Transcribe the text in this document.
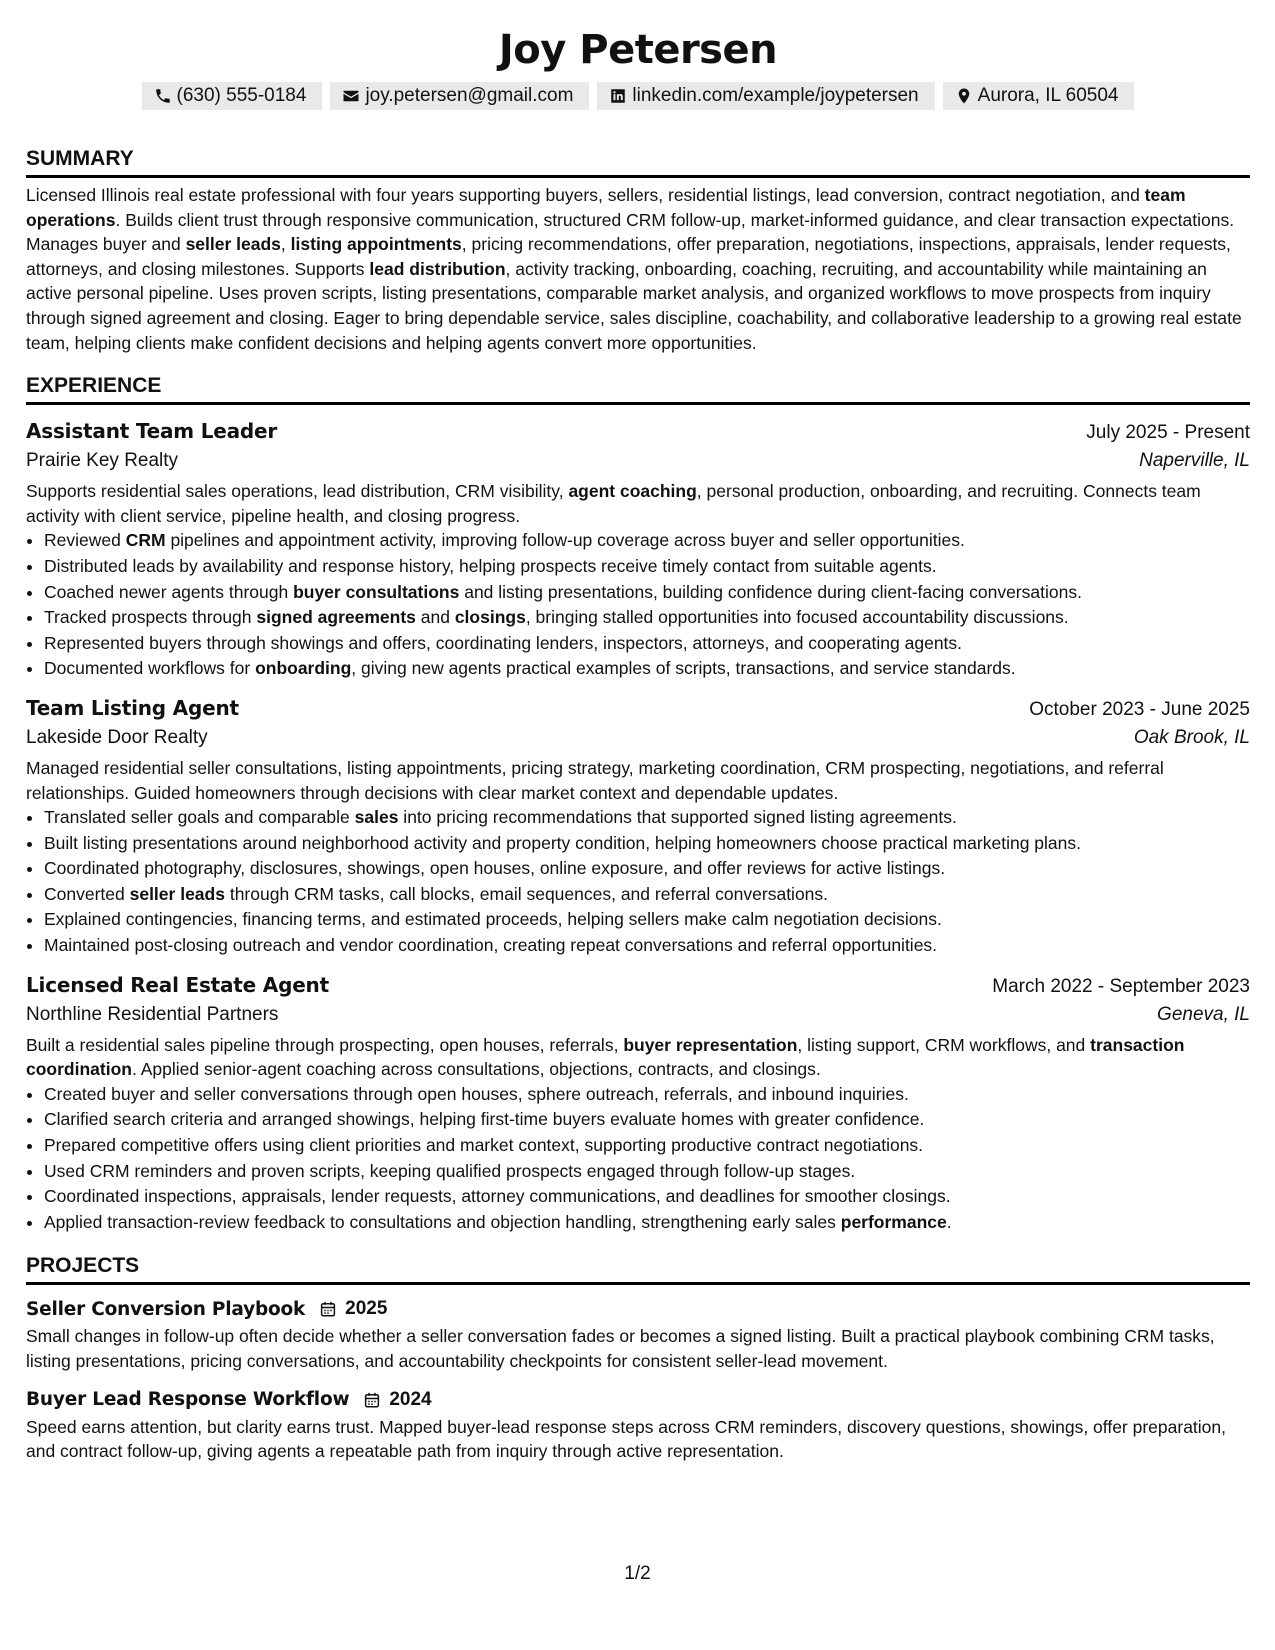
Joy Petersen
(630) 555-0184	joy.petersen@gmail.com	linkedin.com/example/joypetersen	Aurora, IL 60504
SUMMARY
Licensed Illinois real estate professional with four years supporting buyers, sellers, residential listings, lead conversion, contract negotiation, and team operations. Builds client trust through responsive communication, structured CRM follow-up, market-informed guidance, and clear transaction expectations. Manages buyer and seller leads, listing appointments, pricing recommendations, offer preparation, negotiations, inspections, appraisals, lender requests, attorneys, and closing milestones. Supports lead distribution, activity tracking, onboarding, coaching, recruiting, and accountability while maintaining an active personal pipeline. Uses proven scripts, listing presentations, comparable market analysis, and organized workflows to move prospects from inquiry through signed agreement and closing. Eager to bring dependable service, sales discipline, coachability, and collaborative leadership to a growing real estate team, helping clients make confident decisions and helping agents convert more opportunities.
EXPERIENCE
Assistant Team Leader	July 2025 - Present
Prairie Key Realty	Naperville, IL
Supports residential sales operations, lead distribution, CRM visibility, agent coaching, personal production, onboarding, and recruiting. Connects team activity with client service, pipeline health, and closing progress.
• Reviewed CRM pipelines and appointment activity, improving follow-up coverage across buyer and seller opportunities.
• Distributed leads by availability and response history, helping prospects receive timely contact from suitable agents.
• Coached newer agents through buyer consultations and listing presentations, building confidence during client-facing conversations.
• Tracked prospects through signed agreements and closings, bringing stalled opportunities into focused accountability discussions.
• Represented buyers through showings and offers, coordinating lenders, inspectors, attorneys, and cooperating agents.
• Documented workflows for onboarding, giving new agents practical examples of scripts, transactions, and service standards.
Team Listing Agent	October 2023 - June 2025
Lakeside Door Realty	Oak Brook, IL
Managed residential seller consultations, listing appointments, pricing strategy, marketing coordination, CRM prospecting, negotiations, and referral relationships. Guided homeowners through decisions with clear market context and dependable updates.
• Translated seller goals and comparable sales into pricing recommendations that supported signed listing agreements.
• Built listing presentations around neighborhood activity and property condition, helping homeowners choose practical marketing plans.
• Coordinated photography, disclosures, showings, open houses, online exposure, and offer reviews for active listings.
• Converted seller leads through CRM tasks, call blocks, email sequences, and referral conversations.
• Explained contingencies, financing terms, and estimated proceeds, helping sellers make calm negotiation decisions.
• Maintained post-closing outreach and vendor coordination, creating repeat conversations and referral opportunities.
Licensed Real Estate Agent	March 2022 - September 2023
Northline Residential Partners	Geneva, IL
Built a residential sales pipeline through prospecting, open houses, referrals, buyer representation, listing support, CRM workflows, and transaction coordination. Applied senior-agent coaching across consultations, objections, contracts, and closings.
• Created buyer and seller conversations through open houses, sphere outreach, referrals, and inbound inquiries.
• Clarified search criteria and arranged showings, helping first-time buyers evaluate homes with greater confidence.
• Prepared competitive offers using client priorities and market context, supporting productive contract negotiations.
• Used CRM reminders and proven scripts, keeping qualified prospects engaged through follow-up stages.
• Coordinated inspections, appraisals, lender requests, attorney communications, and deadlines for smoother closings.
• Applied transaction-review feedback to consultations and objection handling, strengthening early sales performance.
PROJECTS
Seller Conversion Playbook 2025
Small changes in follow-up often decide whether a seller conversation fades or becomes a signed listing. Built a practical playbook combining CRM tasks, listing presentations, pricing conversations, and accountability checkpoints for consistent seller-lead movement.
Buyer Lead Response Workflow 2024
Speed earns attention, but clarity earns trust. Mapped buyer-lead response steps across CRM reminders, discovery questions, showings, offer preparation, and contract follow-up, giving agents a repeatable path from inquiry through active representation.
1/2
